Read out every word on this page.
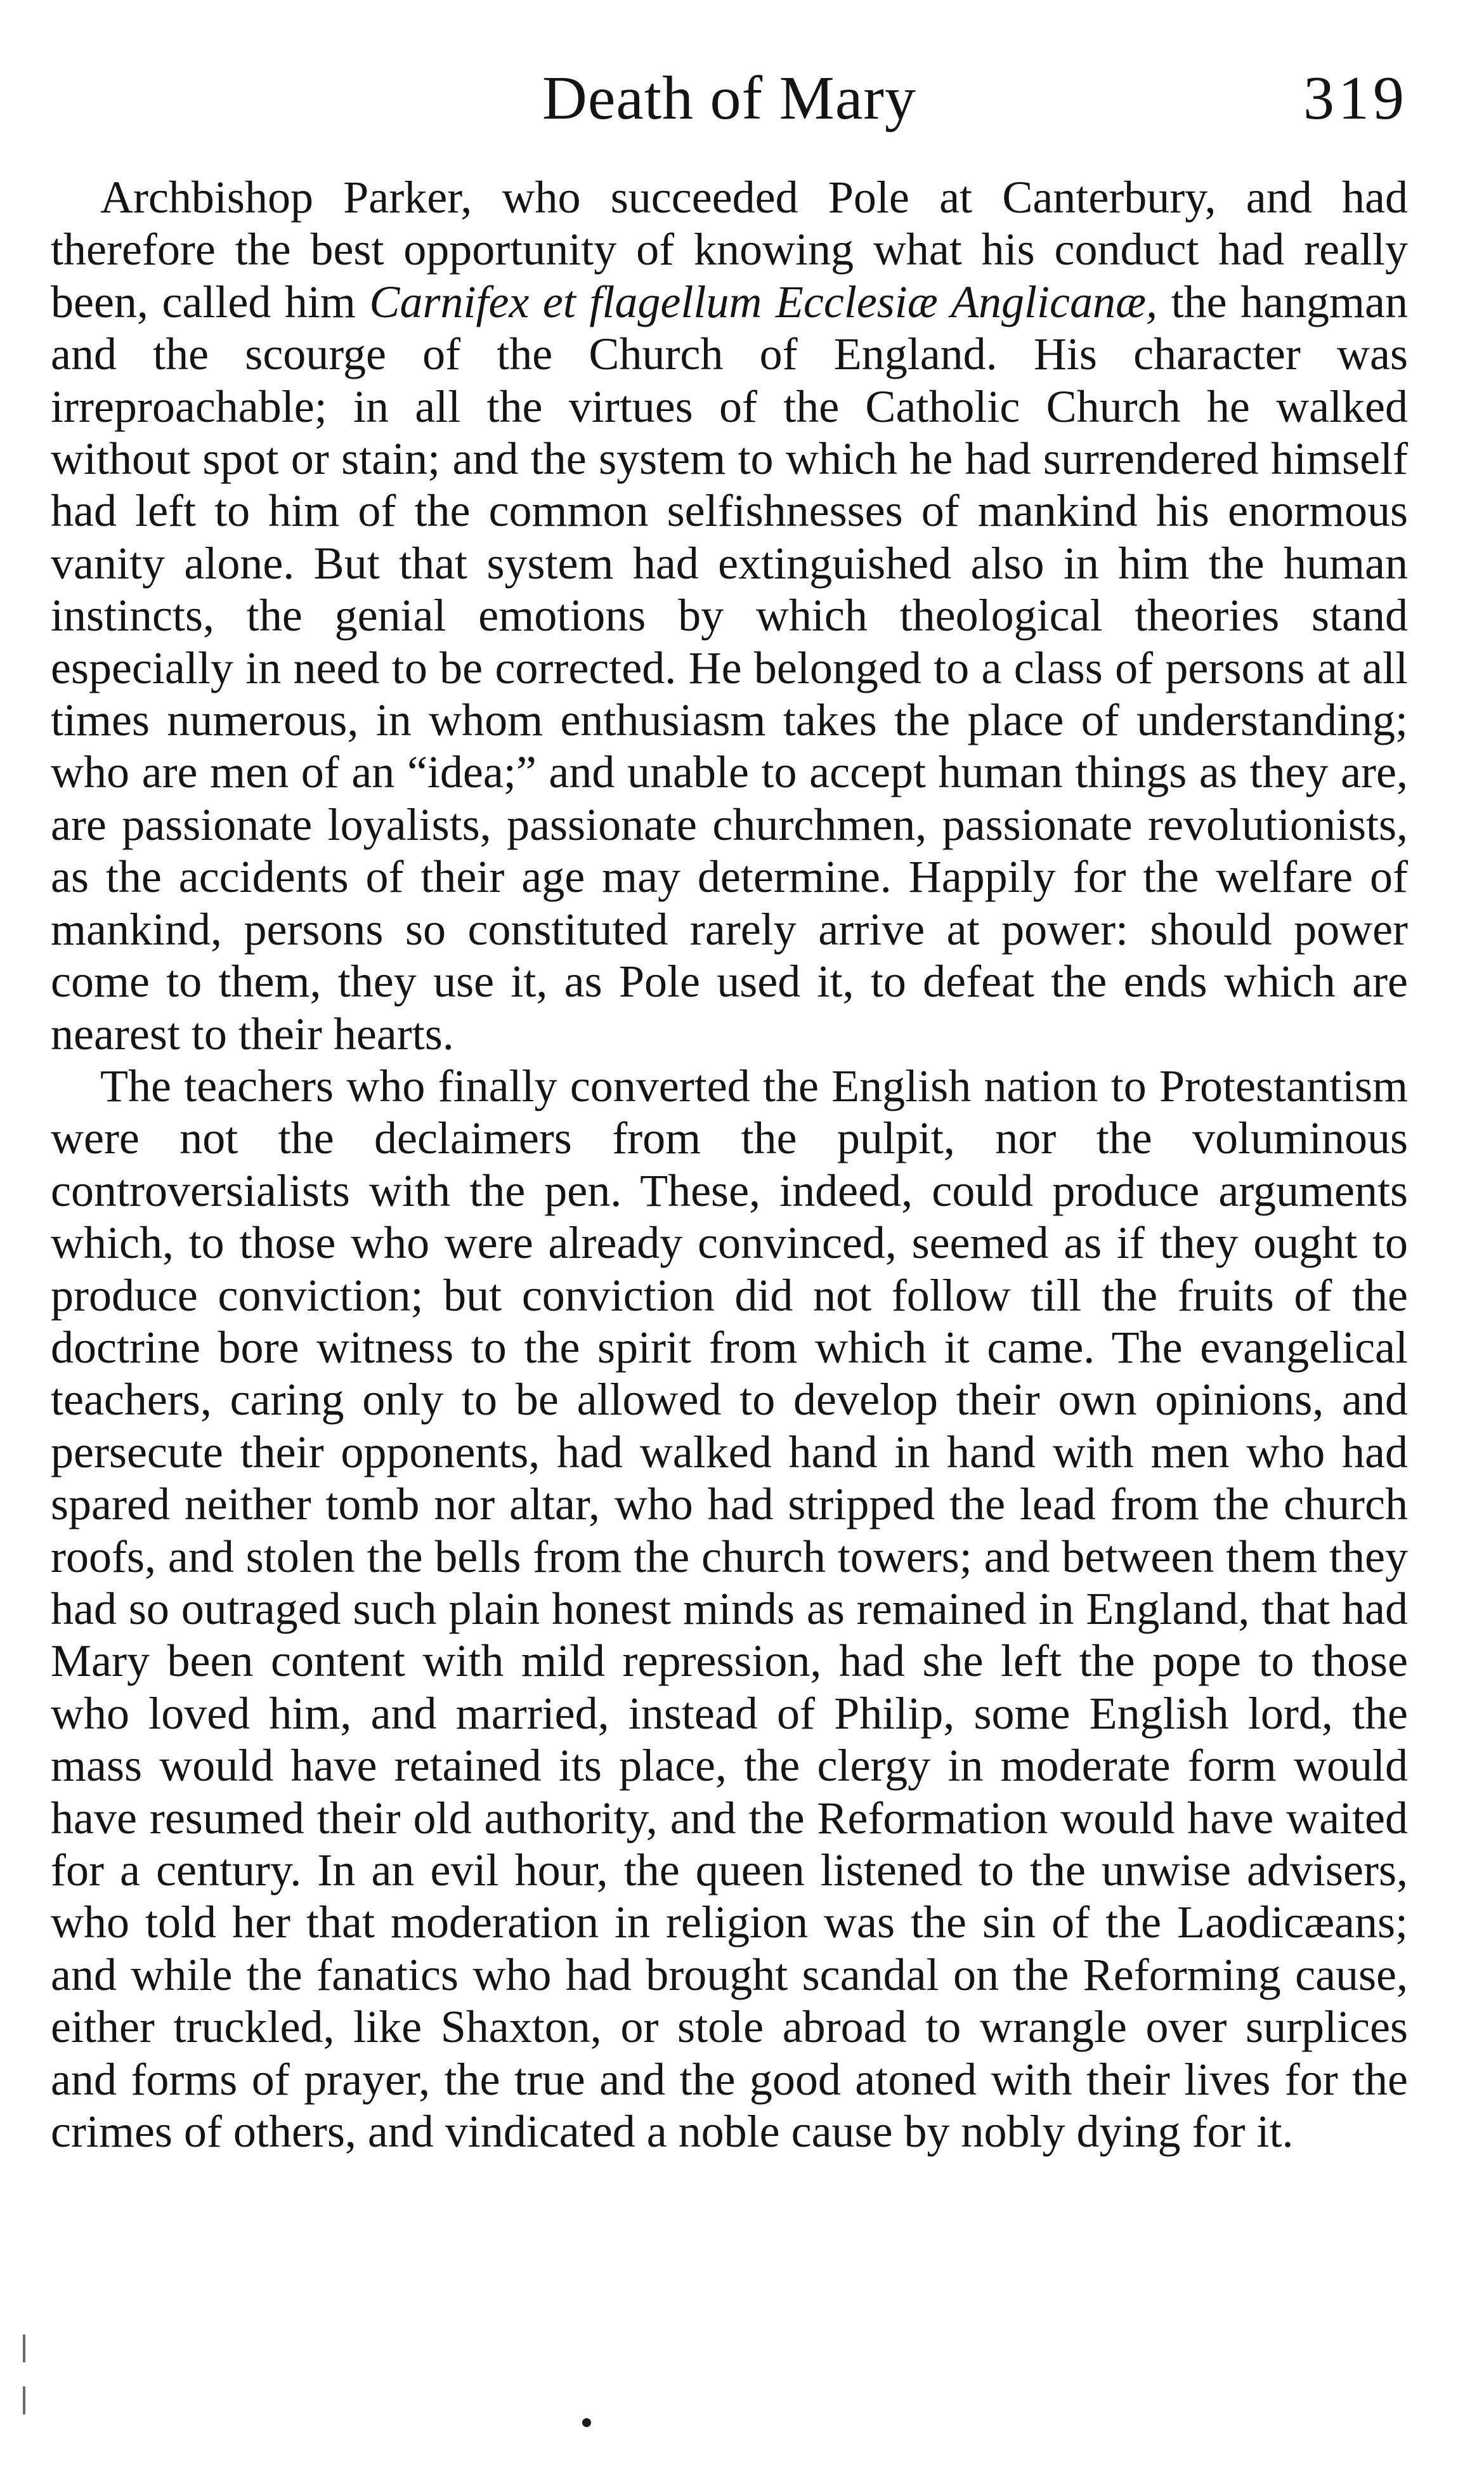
Death of Mary	319

Archbishop Parker, who succeeded Pole at Canterbury, and had therefore the best opportunity of knowing what his conduct had really been, called him Carnifex et flagellum Ecclesiæ Anglicanæ, the hangman and the scourge of the Church of England. His character was irreproachable; in all the virtues of the Catholic Church he walked without spot or stain; and the system to which he had surrendered himself had left to him of the common selfishnesses of mankind his enormous vanity alone. But that system had extinguished also in him the human instincts, the genial emotions by which theological theories stand especially in need to be corrected. He belonged to a class of persons at all times numerous, in whom enthusiasm takes the place of understanding; who are men of an “idea;” and unable to accept human things as they are, are passionate loyalists, passionate churchmen, passionate revolutionists, as the accidents of their age may determine. Happily for the welfare of mankind, persons so constituted rarely arrive at power: should power come to them, they use it, as Pole used it, to defeat the ends which are nearest to their hearts.

The teachers who finally converted the English nation to Protestantism were not the declaimers from the pulpit, nor the voluminous controversialists with the pen. These, indeed, could produce arguments which, to those who were already convinced, seemed as if they ought to produce conviction; but conviction did not follow till the fruits of the doctrine bore witness to the spirit from which it came. The evangelical teachers, caring only to be allowed to develop their own opinions, and persecute their opponents, had walked hand in hand with men who had spared neither tomb nor altar, who had stripped the lead from the church roofs, and stolen the bells from the church towers; and between them they had so outraged such plain honest minds as remained in England, that had Mary been content with mild repression, had she left the pope to those who loved him, and married, instead of Philip, some English lord, the mass would have retained its place, the clergy in moderate form would have resumed their old authority, and the Reformation would have waited for a century. In an evil hour, the queen listened to the unwise advisers, who told her that moderation in religion was the sin of the Laodicæans; and while the fanatics who had brought scandal on the Reforming cause, either truckled, like Shaxton, or stole abroad to wrangle over surplices and forms of prayer, the true and the good atoned with their lives for the crimes of others, and vindicated a noble cause by nobly dying for it.
